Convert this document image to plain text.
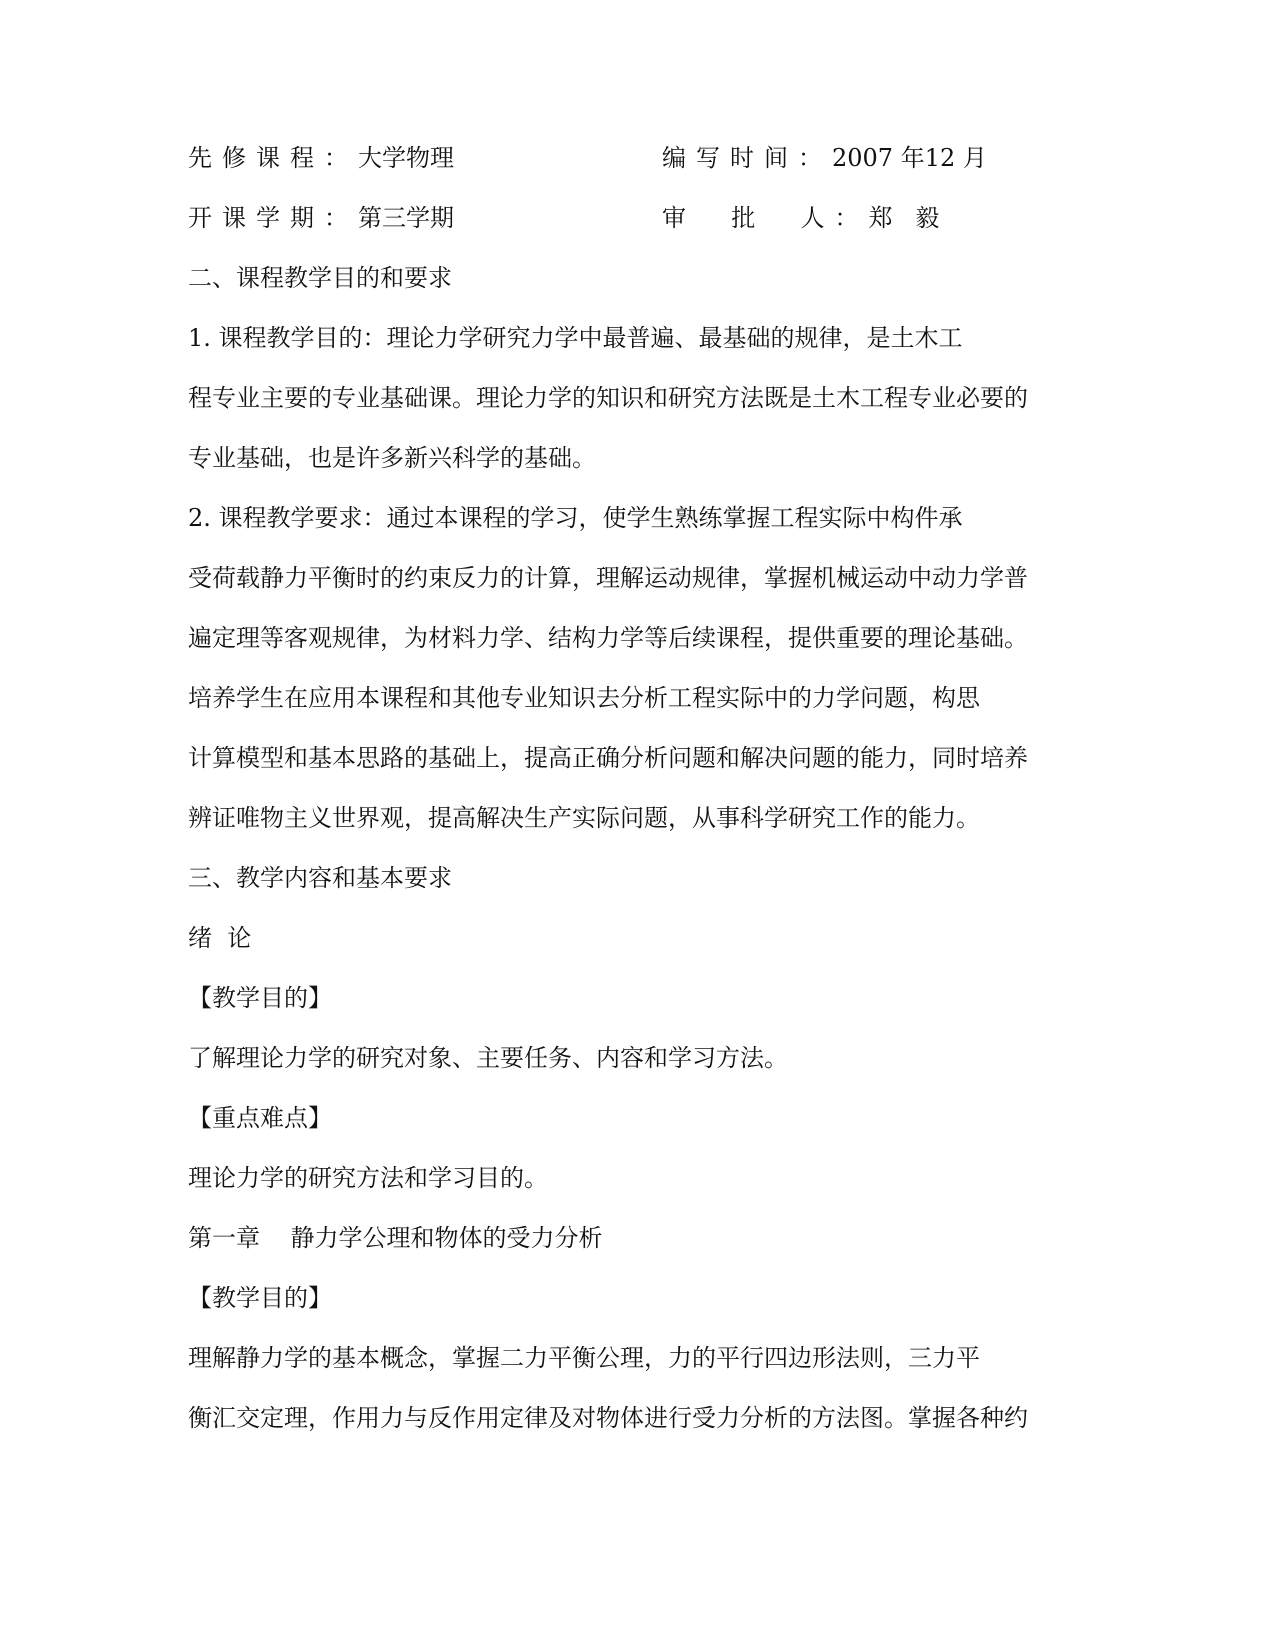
先修课程：大学物理	编写时间：2007 年12 月
开课学期：第三学期	审  批  人：郑   毅
二、课程教学目的和要求
1. 课程教学目的：理论力学研究力学中最普遍、最基础的规律，是土木工
程专业主要的专业基础课。理论力学的知识和研究方法既是土木工程专业必要的
专业基础，也是许多新兴科学的基础。
2. 课程教学要求：通过本课程的学习，使学生熟练掌握工程实际中构件承
受荷载静力平衡时的约束反力的计算，理解运动规律，掌握机械运动中动力学普
遍定理等客观规律，为材料力学、结构力学等后续课程，提供重要的理论基础。
培养学生在应用本课程和其他专业知识去分析工程实际中的力学问题，构思
计算模型和基本思路的基础上，提高正确分析问题和解决问题的能力，同时培养
辨证唯物主义世界观，提高解决生产实际问题，从事科学研究工作的能力。
三、教学内容和基本要求
绪  论
【教学目的】
了解理论力学的研究对象、主要任务、内容和学习方法。
【重点难点】
理论力学的研究方法和学习目的。
第一章    静力学公理和物体的受力分析
【教学目的】
理解静力学的基本概念，掌握二力平衡公理，力的平行四边形法则，三力平
衡汇交定理，作用力与反作用定律及对物体进行受力分析的方法图。掌握各种约
